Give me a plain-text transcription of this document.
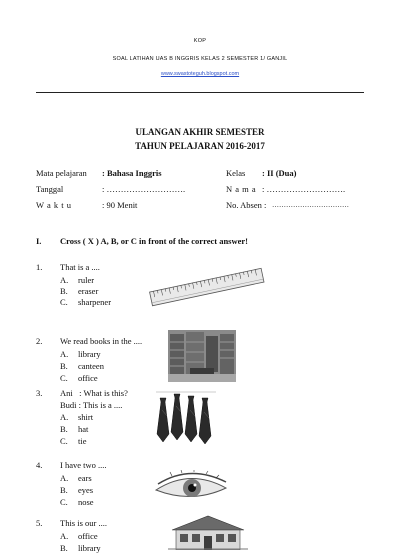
KOP
SOAL LATIHAN UAS B INGGRIS KELAS 2 SEMESTER 1/ GANJIL
www.swastoteguh.blogspot.com
ULANGAN AKHIR SEMESTER
TAHUN PELAJARAN 2016-2017
Mata pelajaran : Bahasa Inggris
Tanggal	: ……………………….
W a k t u	: 90 Menit
Kelas : II (Dua)
N a m a : ……………………….
No. Absen : ……………………………
I. Cross ( X ) A, B, or C in front of the correct answer!
1. That is a ....
A. ruler
B. eraser
C. sharpener
2. We read books in the ....
A. library
B. canteen
C. office
3. Ani   : What is this?
Budi : This is a ....
A. shirt
B. hat
C. tie
4. I have two ....
A. ears
B. eyes
C. nose
5. This is our ....
A. office
B. library
